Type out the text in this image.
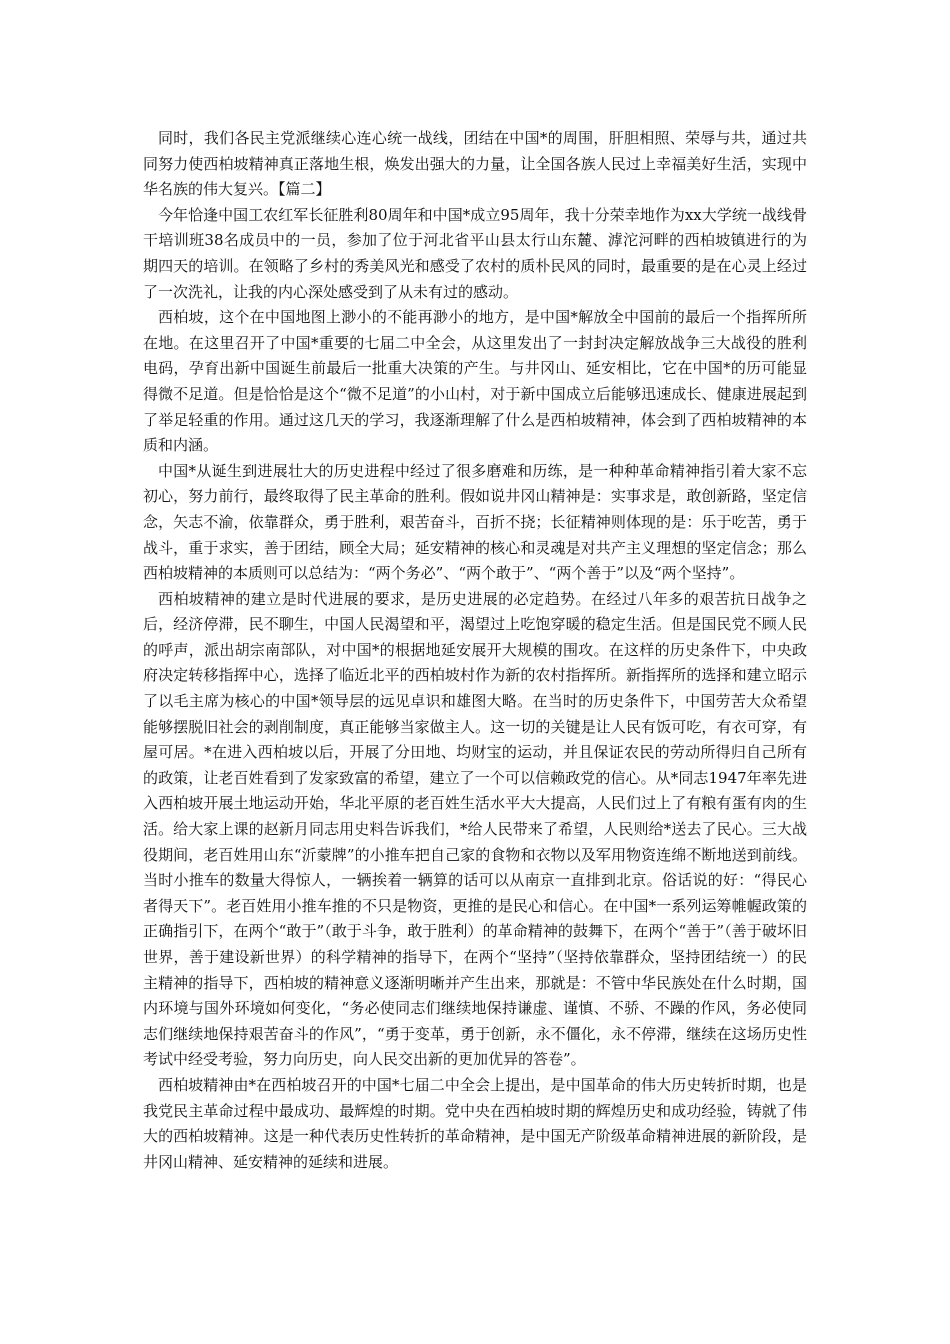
同时，我们各民主党派继续心连心统一战线，团结在中国*的周围，肝胆相照、荣辱与共，通过共同努力使西柏坡精神真正落地生根，焕发出强大的力量，让全国各族人民过上幸福美好生活，实现中华名族的伟大复兴。【篇二】

今年恰逢中国工农红军长征胜利80周年和中国*成立95周年，我十分荣幸地作为xx大学统一战线骨干培训班38名成员中的一员，参加了位于河北省平山县太行山东麓、滹沱河畔的西柏坡镇进行的为期四天的培训。在领略了乡村的秀美风光和感受了农村的质朴民风的同时，最重要的是在心灵上经过了一次洗礼，让我的内心深处感受到了从未有过的感动。

西柏坡，这个在中国地图上渺小的不能再渺小的地方，是中国*解放全中国前的最后一个指挥所所在地。在这里召开了中国*重要的七届二中全会，从这里发出了一封封决定解放战争三大战役的胜利电码，孕育出新中国诞生前最后一批重大决策的产生。与井冈山、延安相比，它在中国*的历可能显得微不足道。但是恰恰是这个“微不足道”的小山村，对于新中国成立后能够迅速成长、健康进展起到了举足轻重的作用。通过这几天的学习，我逐渐理解了什么是西柏坡精神，体会到了西柏坡精神的本质和内涵。

中国*从诞生到进展壮大的历史进程中经过了很多磨难和历练，是一种种革命精神指引着大家不忘初心，努力前行，最终取得了民主革命的胜利。假如说井冈山精神是：实事求是，敢创新路，坚定信念，矢志不渝，依靠群众，勇于胜利，艰苦奋斗，百折不挠；长征精神则体现的是：乐于吃苦，勇于战斗，重于求实，善于团结，顾全大局；延安精神的核心和灵魂是对共产主义理想的坚定信念；那么西柏坡精神的本质则可以总结为：“两个务必”、“两个敢于”、“两个善于”以及“两个坚持”。

西柏坡精神的建立是时代进展的要求，是历史进展的必定趋势。在经过八年多的艰苦抗日战争之后，经济停滞，民不聊生，中国人民渴望和平，渴望过上吃饱穿暖的稳定生活。但是国民党不顾人民的呼声，派出胡宗南部队，对中国*的根据地延安展开大规模的围攻。在这样的历史条件下，中央政府决定转移指挥中心，选择了临近北平的西柏坡村作为新的农村指挥所。新指挥所的选择和建立昭示了以毛主席为核心的中国*领导层的远见卓识和雄图大略。在当时的历史条件下，中国劳苦大众希望能够摆脱旧社会的剥削制度，真正能够当家做主人。这一切的关键是让人民有饭可吃，有衣可穿，有屋可居。*在进入西柏坡以后，开展了分田地、均财宝的运动，并且保证农民的劳动所得归自己所有的政策，让老百姓看到了发家致富的希望，建立了一个可以信赖政党的信心。从*同志1947年率先进入西柏坡开展土地运动开始，华北平原的老百姓生活水平大大提高，人民们过上了有粮有蛋有肉的生活。给大家上课的赵新月同志用史料告诉我们，*给人民带来了希望，人民则给*送去了民心。三大战役期间，老百姓用山东“沂蒙牌”的小推车把自己家的食物和衣物以及军用物资连绵不断地送到前线。当时小推车的数量大得惊人，一辆挨着一辆算的话可以从南京一直排到北京。俗话说的好：“得民心者得天下”。老百姓用小推车推的不只是物资，更推的是民心和信心。在中国*一系列运筹帷幄政策的正确指引下，在两个“敢于”（敢于斗争，敢于胜利）的革命精神的鼓舞下，在两个“善于”（善于破坏旧世界，善于建设新世界）的科学精神的指导下，在两个“坚持”（坚持依靠群众，坚持团结统一）的民主精神的指导下，西柏坡的精神意义逐渐明晰并产生出来，那就是：不管中华民族处在什么时期，国内环境与国外环境如何变化，“务必使同志们继续地保持谦虚、谨慎、不骄、不躁的作风，务必使同志们继续地保持艰苦奋斗的作风”，“勇于变革，勇于创新，永不僵化，永不停滞，继续在这场历史性考试中经受考验，努力向历史，向人民交出新的更加优异的答卷”。

西柏坡精神由*在西柏坡召开的中国*七届二中全会上提出，是中国革命的伟大历史转折时期，也是我党民主革命过程中最成功、最辉煌的时期。党中央在西柏坡时期的辉煌历史和成功经验，铸就了伟大的西柏坡精神。这是一种代表历史性转折的革命精神，是中国无产阶级革命精神进展的新阶段，是井冈山精神、延安精神的延续和进展。
